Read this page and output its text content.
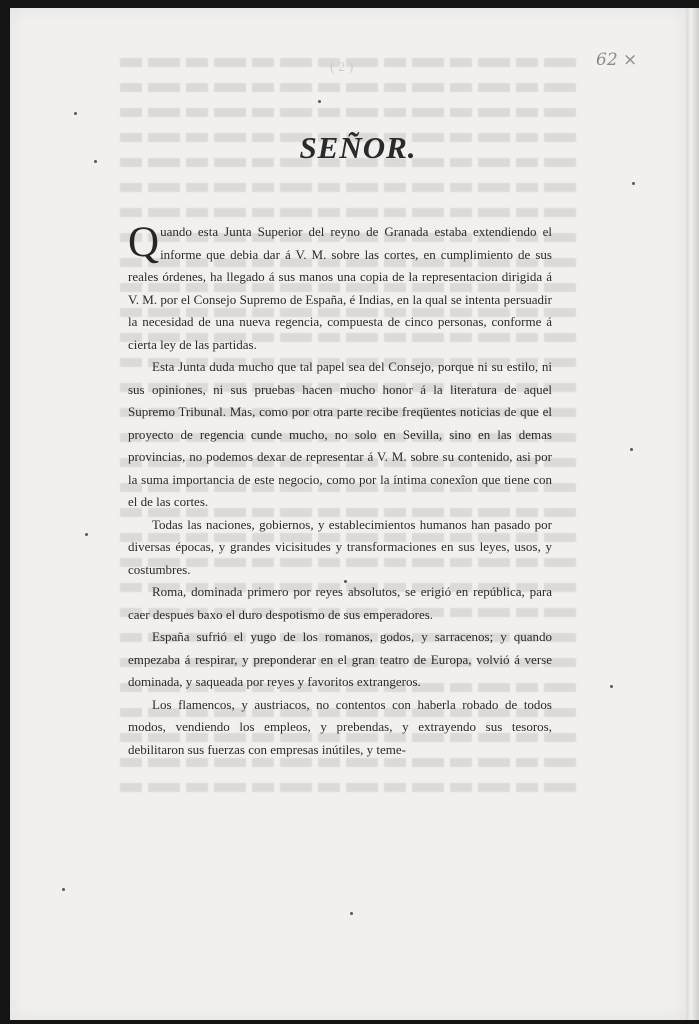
( 2 )	62 ×
SEÑOR.

Quando esta Junta Superior del reyno de Granada estaba extendiendo el informe que debia dar á V. M. sobre las cortes, en cumplimiento de sus reales órdenes, ha llegado á sus manos una copia de la representacion dirigida á V. M. por el Consejo Supremo de España, é Indias, en la qual se intenta persuadir la necesidad de una nueva regencia, compuesta de cinco personas, conforme á cierta ley de las partidas.

Esta Junta duda mucho que tal papel sea del Consejo, porque ni su estilo, ni sus opiniones, ni sus pruebas hacen mucho honor á la literatura de aquel Supremo Tribunal. Mas, como por otra parte recibe freqüentes noticias de que el proyecto de regencia cunde mucho, no solo en Sevilla, sino en las demas provincias, no podemos dexar de representar á V. M. sobre su contenido, asi por la suma importancia de este negocio, como por la íntima conexîon que tiene con el de las cortes.

Todas las naciones, gobiernos, y establecimientos humanos han pasado por diversas épocas, y grandes vicisitudes y transformaciones en sus leyes, usos, y costumbres.

Roma, dominada primero por reyes absolutos, se erigió en república, para caer despues baxo el duro despotismo de sus emperadores.

España sufrió el yugo de los romanos, godos, y sarracenos; y quando empezaba á respirar, y preponderar en el gran teatro de Europa, volvió á verse dominada, y saqueada por reyes y favoritos extrangeros.

Los flamencos, y austriacos, no contentos con haberla robado de todos modos, vendiendo los empleos, y prebendas, y extrayendo sus tesoros, debilitaron sus fuerzas con empresas inútiles, y teme-
